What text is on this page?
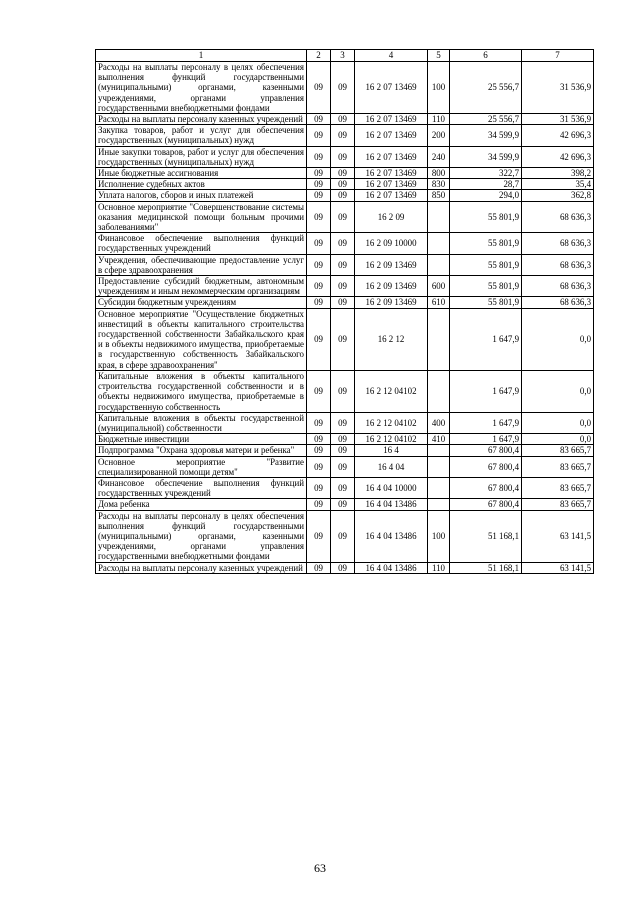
1	2	3	4	5	6	7
Расходы на выплаты персоналу в целях обеспечения выполнения функций государственными (муниципальными) органами, казенными учреждениями, органами управления государственными внебюджетными фондами	09	09	16 2 07 13469	100	25 556,7	31 536,9
Расходы на выплаты персоналу казенных учреждений	09	09	16 2 07 13469	110	25 556,7	31 536,9
Закупка товаров, работ и услуг для обеспечения государственных (муниципальных) нужд	09	09	16 2 07 13469	200	34 599,9	42 696,3
Иные закупки товаров, работ и услуг для обеспечения государственных (муниципальных) нужд	09	09	16 2 07 13469	240	34 599,9	42 696,3
Иные бюджетные ассигнования	09	09	16 2 07 13469	800	322,7	398,2
Исполнение судебных актов	09	09	16 2 07 13469	830	28,7	35,4
Уплата налогов, сборов и иных платежей	09	09	16 2 07 13469	850	294,0	362,8
Основное мероприятие "Совершенствование системы оказания медицинской помощи больным прочими заболеваниями"	09	09	16 2 09		55 801,9	68 636,3
Финансовое обеспечение выполнения функций государственных учреждений	09	09	16 2 09 10000		55 801,9	68 636,3
Учреждения, обеспечивающие предоставление услуг в сфере здравоохранения	09	09	16 2 09 13469		55 801,9	68 636,3
Предоставление субсидий бюджетным, автономным учреждениям и иным некоммерческим организациям	09	09	16 2 09 13469	600	55 801,9	68 636,3
Субсидии бюджетным учреждениям	09	09	16 2 09 13469	610	55 801,9	68 636,3
Основное мероприятие "Осуществление бюджетных инвестиций в объекты капитального строительства государственной собственности Забайкальского края и в объекты недвижимого имущества, приобретаемые в государственную собственность Забайкальского края, в сфере здравоохранения"	09	09	16 2 12		1 647,9	0,0
Капитальные вложения в объекты капитального строительства государственной собственности и в объекты недвижимого имущества, приобретаемые в государственную собственность	09	09	16 2 12 04102		1 647,9	0,0
Капитальные вложения в объекты государственной (муниципальной) собственности	09	09	16 2 12 04102	400	1 647,9	0,0
Бюджетные инвестиции	09	09	16 2 12 04102	410	1 647,9	0,0
Подпрограмма "Охрана здоровья матери и ребенка"	09	09	16 4		67 800,4	83 665,7
Основное мероприятие "Развитие специализированной помощи детям"	09	09	16 4 04		67 800,4	83 665,7
Финансовое обеспечение выполнения функций государственных учреждений	09	09	16 4 04 10000		67 800,4	83 665,7
Дома ребенка	09	09	16 4 04 13486		67 800,4	83 665,7
Расходы на выплаты персоналу в целях обеспечения выполнения функций государственными (муниципальными) органами, казенными учреждениями, органами управления государственными внебюджетными фондами	09	09	16 4 04 13486	100	51 168,1	63 141,5
Расходы на выплаты персоналу казенных учреждений	09	09	16 4 04 13486	110	51 168,1	63 141,5
63
